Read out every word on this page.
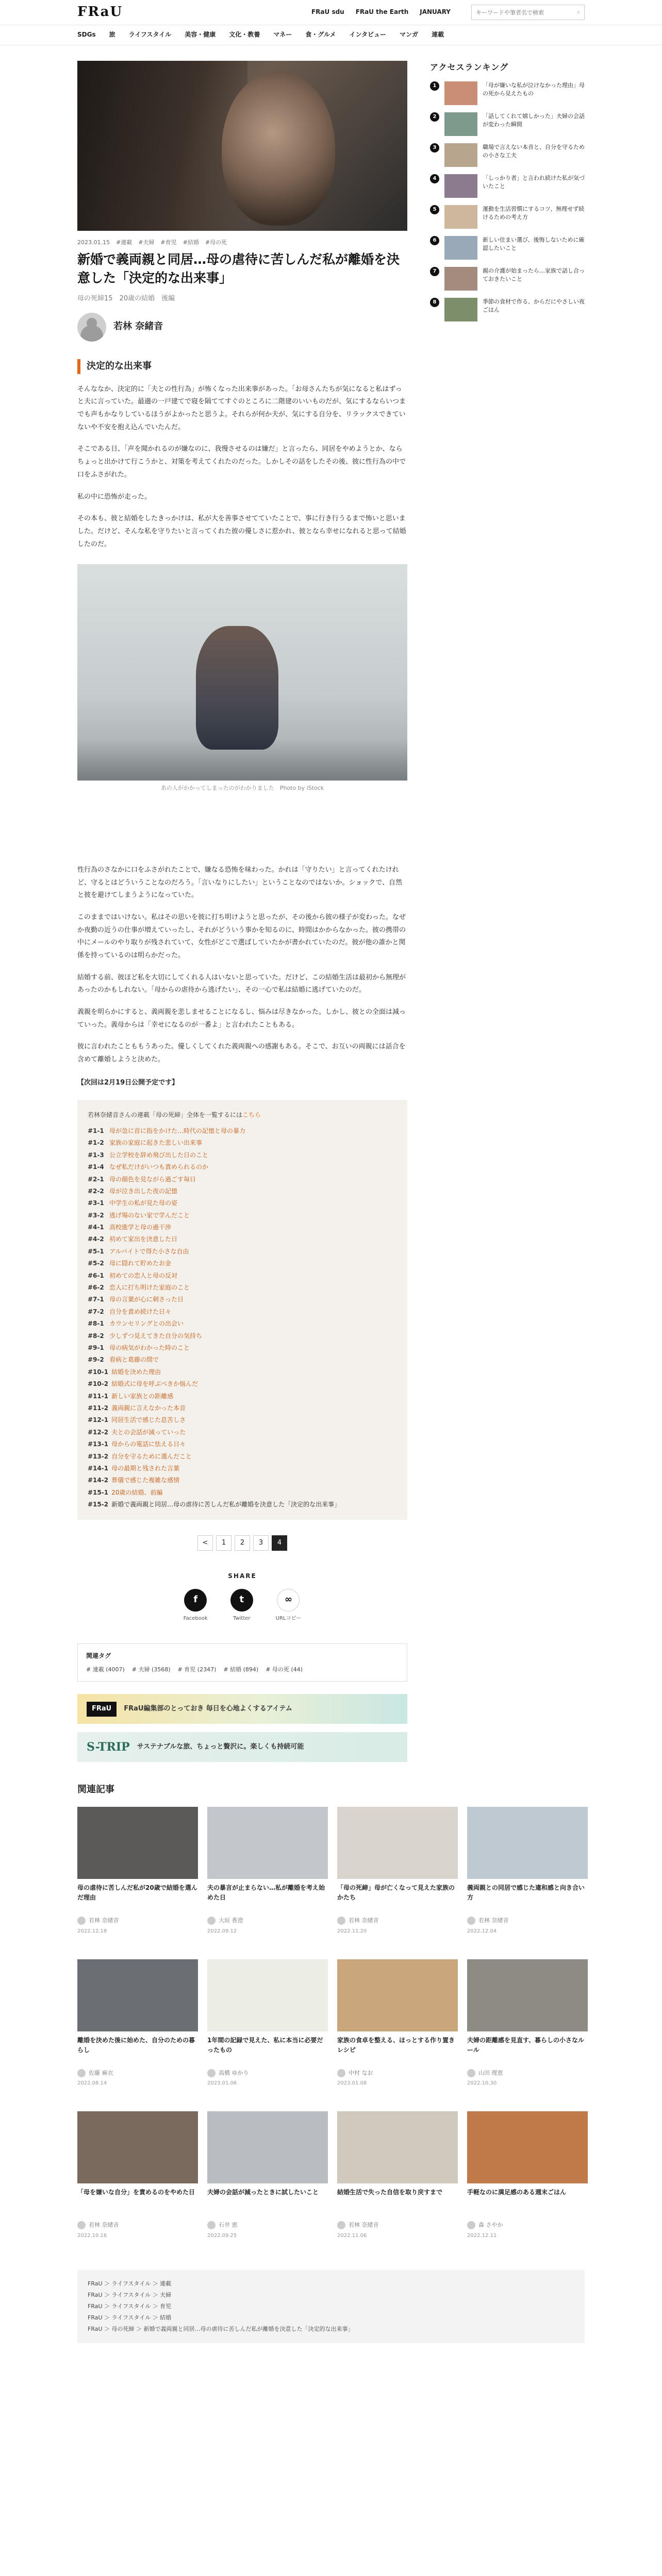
FRaU	FRaU sdu FRaU the Earth JANUARY
キーワードや筆者名で検索	⌕
SDGs 旅 ライフスタイル 美容・健康 文化・教養 マネー 食・グルメ インタビュー マンガ 連載
2023.01.15 #連載 #夫婦 #育児 #結婚 #母の死
新婚で義両親と同居…母の虐待に苦しんだ私が離婚を決意した「決定的な出来事」
母の死締15　20歳の結婚　後編
若林 奈緒音
決定的な出来事

そんななか、決定的に「夫との性行為」が怖くなった出来事があった。「お母さんたちが気になると私はずっと夫に言っていた。最適の一戸建てで寝を隔ててすぐのところに二階建のいいものだが、気にするならいつまでも声もかなりしているほうがよかったと思うよ。それらが何か夫が、気にする自分を、リラックスできていないや不安を抱え込んでいたんだ。

そこである日、「声を聞かれるのが嫌なのに、我慢させるのは嫌だ」と言ったら、同居をやめようとか、ならちょっと出かけて行こうかと、対策を考えてくれたのだった。しかしその話をしたその後、彼に性行為の中で口をふさがれた。

私の中に恐怖が走った。

その本も、彼と結婚をしたきっかけは、私が大を善事させてていたことで、事に行き行うるまで怖いと思いました。だけど、そんな私を守りたいと言ってくれた彼の優しさに惹かれ、彼となら幸せになれると思って結婚したのだ。

あの人がかかってしまったのがわかりました　Photo by iStock

性行為のさなかに口をふさがれたことで、嫌なる恐怖を味わった。かれは「守りたい」と言ってくれたけれど、守るとはどういうことなのだろう。「言いなりにしたい」ということなのではないか。ショックで、自然と彼を避けてしまうようになっていた。

このままではいけない。私はその思いを彼に打ち明けようと思ったが、その後から彼の様子が変わった。なぜか夜勤の近うの仕事が増えていったし、それがどういう事かを知るのに、時間はかからなかった。彼の携帯の中にメールのやり取りが残されていて、女性がどこで選ばしていたかが書かれていたのだ。彼が他の誰かと関係を持っているのは明らかだった。

結婚する前、彼ほど私を大切にしてくれる人はいないと思っていた。だけど、この結婚生活は最初から無理があったのかもしれない。「母からの虐待から逃げたい」、その一心で私は結婚に逃げていたのだ。

義親を明らかにすると、義両親を悲しませることになるし、悩みは尽きなかった。しかし、彼との全面は減っていった。義母からは「幸せになるのが一番よ」と言われたこともある。

彼に言われたことももうあった。優しくしてくれた義両親への感謝もある。そこで、お互いの両親には話合を含めて離婚しようと決めた。

【次回は2月19日公開予定です】

若林奈緒音さんの連載「母の死締」全体を一覧するにはこちら
#1-1 母が急に首に指をかけた…時代の記憶と母の暴力
#1-2 家族の家庭に起きた悲しい出来事
#1-3 公立学校を辞め飛び出した日のこと
#1-4 なぜ私だけがいつも責められるのか
#2-1 母の顔色を見ながら過ごす毎日
#2-2 母が泣き出した夜の記憶
#3-1 中学生の私が見た母の姿
#3-2 逃げ場のない家で学んだこと
#4-1 高校進学と母の過干渉
#4-2 初めて家出を決意した日
#5-1 アルバイトで得た小さな自由
#5-2 母に隠れて貯めたお金
#6-1 初めての恋人と母の反対
#6-2 恋人に打ち明けた家庭のこと
#7-1 母の言葉が心に刺さった日
#7-2 自分を責め続けた日々
#8-1 カウンセリングとの出会い
#8-2 少しずつ見えてきた自分の気持ち
#9-1 母の病気がわかった時のこと
#9-2 看病と葛藤の間で
#10-1 結婚を決めた理由
#10-2 結婚式に母を呼ぶべきか悩んだ
#11-1 新しい家族との距離感
#11-2 義両親に言えなかった本音
#12-1 同居生活で感じた息苦しさ
#12-2 夫との会話が減っていった
#13-1 母からの電話に怯える日々
#13-2 自分を守るために選んだこと
#14-1 母の最期と残された言葉
#14-2 葬儀で感じた複雑な感情
#15-1 20歳の結婚、前編
#15-2 新婚で義両親と同居…母の虐待に苦しんだ私が離婚を決意した「決定的な出来事」
<	1	2	3	4
SHARE
f
Facebook
t
Twitter
∞
URLコピー
関連タグ
# 連載 (4007) # 夫婦 (3568) # 育児 (2347) # 結婚 (894) # 母の死 (44)
FRaU	FRaU編集部のとっておき 毎日を心地よくするアイテム
S-TRIP サステナブルな旅、ちょっと贅沢に。楽しくも持続可能
アクセスランキング
1	「母が嫌いな私が泣けなかった理由」母の死から見えたもの
2	「話してくれて嬉しかった」夫婦の会話が変わった瞬間
3	職場で言えない本音と、自分を守るための小さな工夫
4	「しっかり者」と言われ続けた私が気づいたこと
5	運動を生活習慣にするコツ、無理せず続けるための考え方
6	新しい住まい選び、後悔しないために確認したいこと
7	親の介護が始まったら…家族で話し合っておきたいこと
8	季節の食材で作る、からだにやさしい夜ごはん
関連記事
母の虐待に苦しんだ私が20歳で結婚を選んだ理由
若林 奈緒音
2022.12.18
夫の暴言が止まらない…私が離婚を考え始めた日
大垣 香澄
2022.09.12
「母の死締」母が亡くなって見えた家族のかたち
若林 奈緒音
2022.11.20
義両親との同居で感じた違和感と向き合い方
若林 奈緒音
2022.12.04
離婚を決めた後に始めた、自分のための暮らし
佐藤 麻衣
2022.08.14
1年間の記録で見えた、私に本当に必要だったもの
高橋 ゆかり
2023.01.06
家族の食卓を整える、ほっとする作り置きレシピ
中村 なお
2023.01.08
夫婦の距離感を見直す、暮らしの小さなルール
山田 理恵
2022.10.30
「母を嫌いな自分」を責めるのをやめた日
若林 奈緒音
2022.10.16
夫婦の会話が減ったときに試したいこと
石井 恵
2022.09.25
結婚生活で失った自信を取り戻すまで
若林 奈緒音
2022.11.06
手軽なのに満足感のある週末ごはん
森 さやか
2022.12.11
FRaU ＞ ライフスタイル ＞ 連載
FRaU ＞ ライフスタイル ＞ 夫婦
FRaU ＞ ライフスタイル ＞ 育児
FRaU ＞ ライフスタイル ＞ 結婚
FRaU ＞ 母の死締 ＞ 新婚で義両親と同居…母の虐待に苦しんだ私が離婚を決意した「決定的な出来事」
